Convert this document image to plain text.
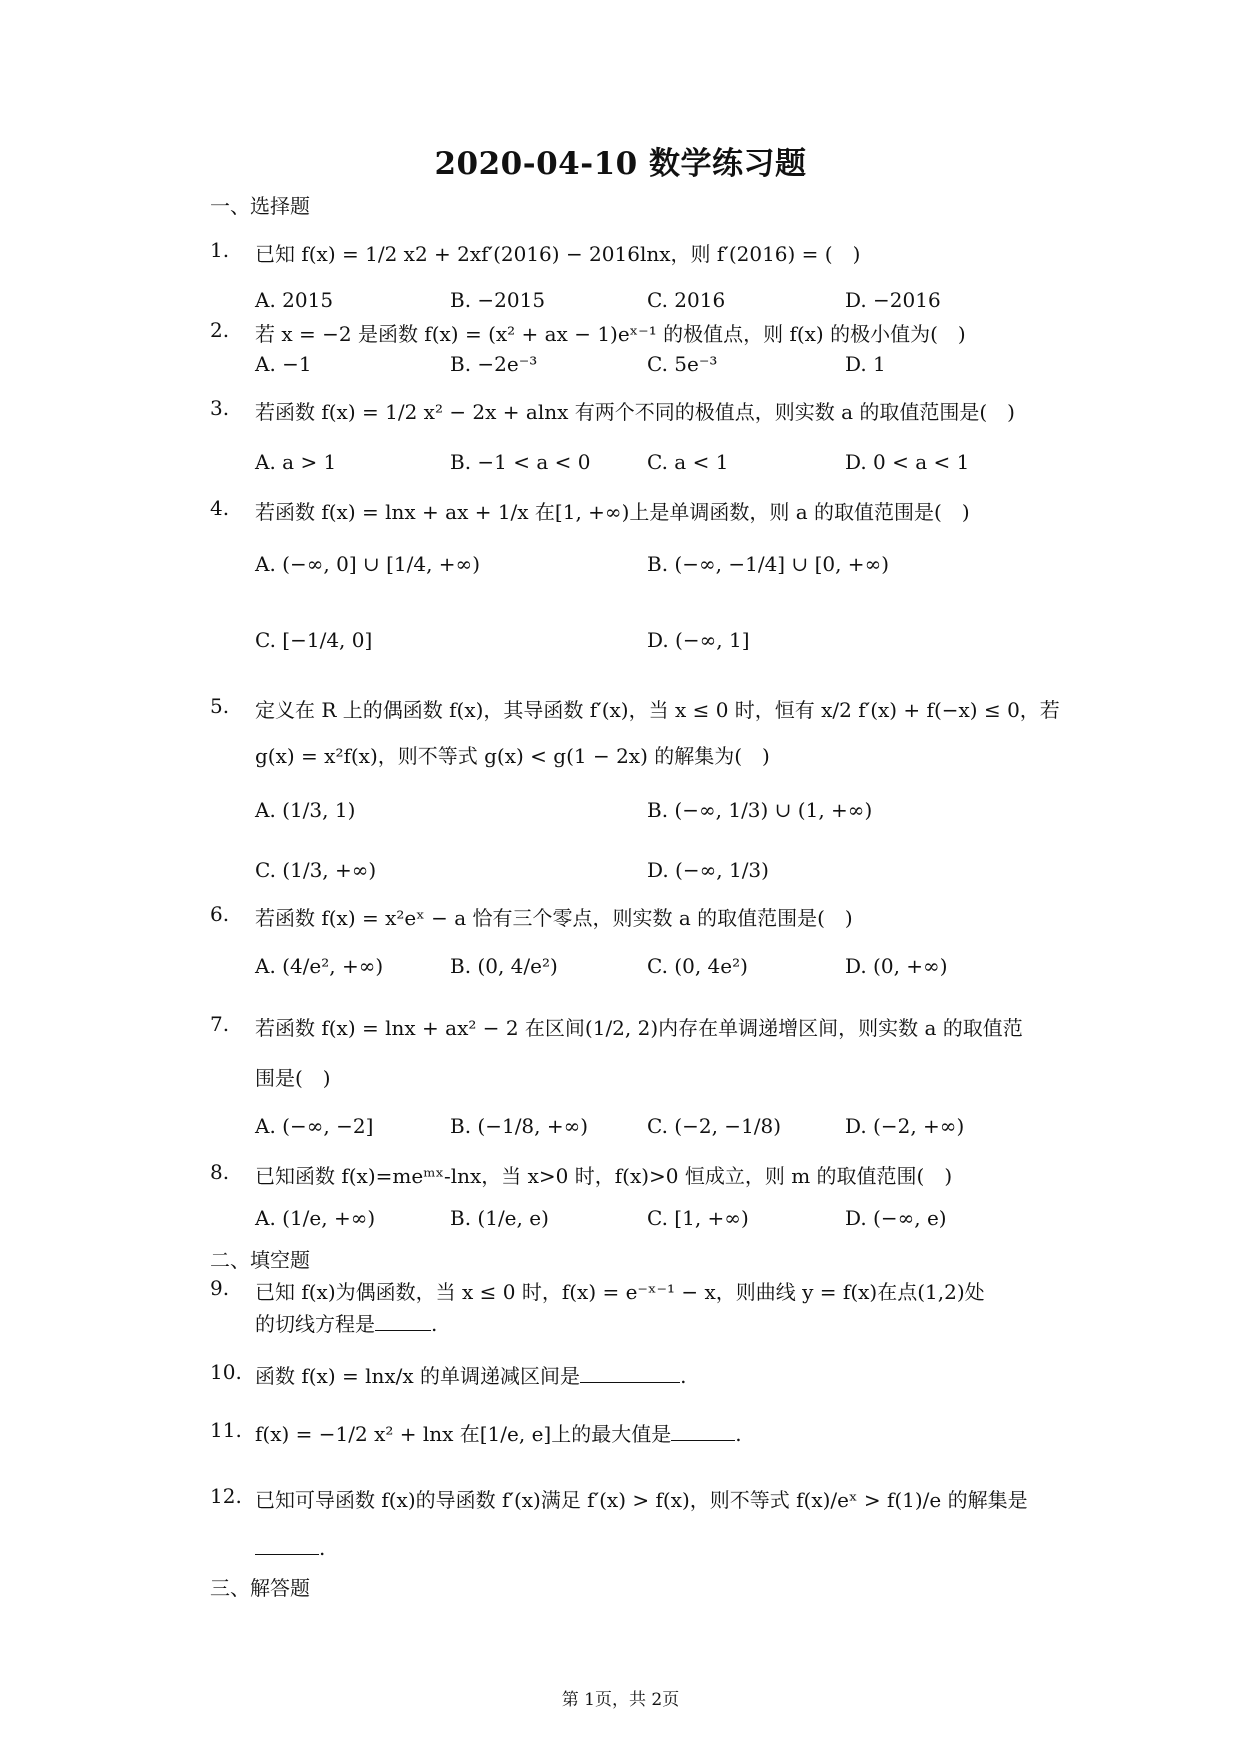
2020-04-10 数学练习题
一、选择题
1. 已知 f(x) = 1/2 x2 + 2xf′(2016) − 2016lnx，则 f′(2016) = (　)
A. 2015	B. −2015	C. 2016	D. −2016
2. 若 x = −2 是函数 f(x) = (x² + ax − 1)eˣ⁻¹ 的极值点，则 f(x) 的极小值为(　)
A. −1	B. −2e⁻³	C. 5e⁻³	D. 1
3. 若函数 f(x) = 1/2 x² − 2x + alnx 有两个不同的极值点，则实数 a 的取值范围是(　)
A. a > 1	B. −1 < a < 0	C. a < 1	D. 0 < a < 1
4. 若函数 f(x) = lnx + ax + 1/x 在[1, +∞)上是单调函数，则 a 的取值范围是(　)
A. (−∞, 0] ∪ [1/4, +∞)	B. (−∞, −1/4] ∪ [0, +∞)
C. [−1/4, 0]	D. (−∞, 1]
5. 定义在 R 上的偶函数 f(x)，其导函数 f′(x)，当 x ≤ 0 时，恒有 x/2 f′(x) + f(−x) ≤ 0，若
g(x) = x²f(x)，则不等式 g(x) < g(1 − 2x) 的解集为(　)
A. (1/3, 1)	B. (−∞, 1/3) ∪ (1, +∞)
C. (1/3, +∞)	D. (−∞, 1/3)
6. 若函数 f(x) = x²eˣ − a 恰有三个零点，则实数 a 的取值范围是(　)
A. (4/e², +∞)	B. (0, 4/e²)	C. (0, 4e²)	D. (0, +∞)
7. 若函数 f(x) = lnx + ax² − 2 在区间(1/2, 2)内存在单调递增区间，则实数 a 的取值范
围是(　)
A. (−∞, −2]	B. (−1/8, +∞)	C. (−2, −1/8)	D. (−2, +∞)
8. 已知函数 f(x)=meᵐˣ-lnx，当 x>0 时，f(x)>0 恒成立，则 m 的取值范围(　)
A. (1/e, +∞)	B. (1/e, e)	C. [1, +∞)	D. (−∞, e)
二、填空题
9. 已知 f(x)为偶函数，当 x ≤ 0 时，f(x) = e⁻ˣ⁻¹ − x，则曲线 y = f(x)在点(1,2)处
的切线方程是	.
10. 函数 f(x) = lnx/x 的单调递减区间是	.
11. f(x) = −1/2 x² + lnx 在[1/e, e]上的最大值是	.
12. 已知可导函数 f(x)的导函数 f′(x)满足 f′(x) > f(x)，则不等式 f(x)/eˣ > f(1)/e 的解集是
.
三、解答题
第 1页，共 2页
